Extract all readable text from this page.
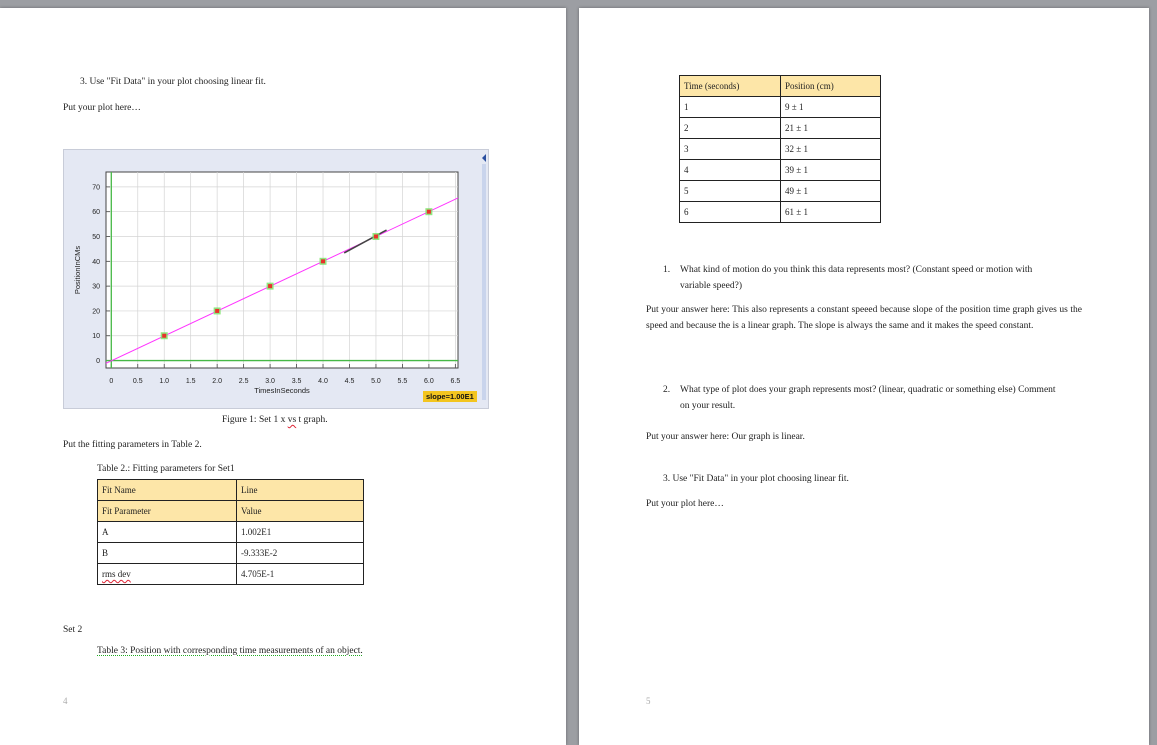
3. Use "Fit Data" in your plot choosing linear fit.
Put your plot here…
0	0.5 1.0 1.5 2.0 2.5 3.0 3.5 4.0 4.5 5.0 5.5 6.0 6.5
0
10
20
30
40
50
60
70
TimesInSeconds
PositionInCMs
slope=1.00E1
Figure 1: Set 1 x vs t graph.
Put the fitting parameters in Table 2.
Table 2.: Fitting parameters for Set1
Fit Name	Line
Fit Parameter	Value
A	1.002E1
B	-9.333E-2
rms dev	4.705E-1
Set 2
Table 3: Position with corresponding time measurements of an object.
4
Time (seconds)	Position (cm)
1	9 ± 1
2	21 ± 1
3	32 ± 1
4	39 ± 1
5	49 ± 1
6	61 ± 1
1. What kind of motion do you think this data represents most? (Constant speed or motion with variable speed?)
Put your answer here: This also represents a constant speeed because slope of the position time graph gives us the speed and because the is a linear graph. The slope is always the same and it makes the speed constant.
2. What type of plot does your graph represents most? (linear, quadratic or something else) Comment on your result.
Put your answer here: Our graph is linear.
3. Use "Fit Data" in your plot choosing linear fit.
Put your plot here…
5
